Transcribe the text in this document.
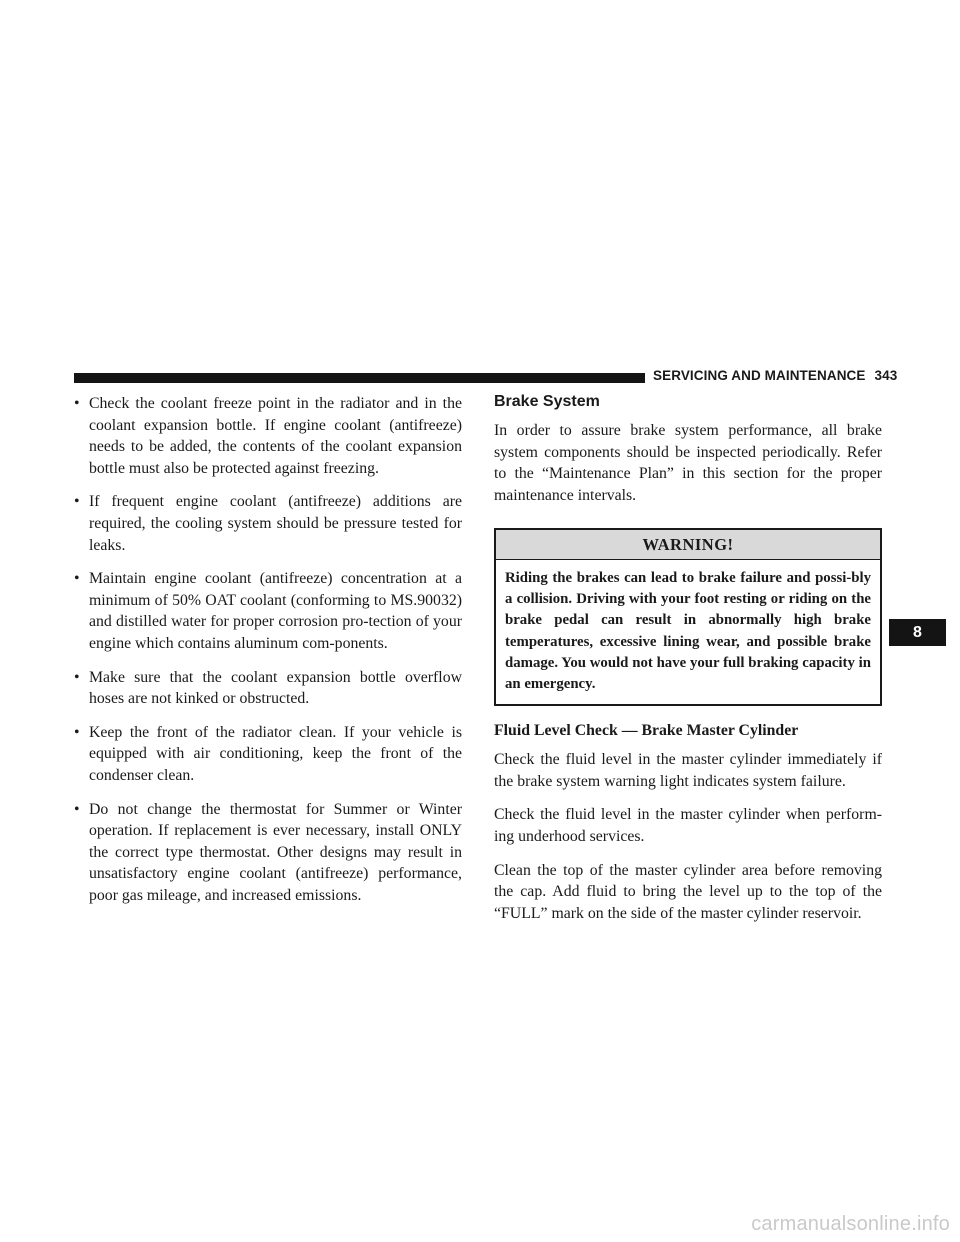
SERVICING AND MAINTENANCE 343
• Check the coolant freeze point in the radiator and in the coolant expansion bottle. If engine coolant (antifreeze) needs to be added, the contents of the coolant expansion bottle must also be protected against freezing.
• If frequent engine coolant (antifreeze) additions are required, the cooling system should be pressure tested for leaks.
• Maintain engine coolant (antifreeze) concentration at a minimum of 50% OAT coolant (conforming to MS.90032) and distilled water for proper corrosion pro-tection of your engine which contains aluminum com-ponents.
• Make sure that the coolant expansion bottle overflow hoses are not kinked or obstructed.
• Keep the front of the radiator clean. If your vehicle is equipped with air conditioning, keep the front of the condenser clean.
• Do not change the thermostat for Summer or Winter operation. If replacement is ever necessary, install ONLY the correct type thermostat. Other designs may result in unsatisfactory engine coolant (antifreeze) performance, poor gas mileage, and increased emissions.
Brake System
In order to assure brake system performance, all brake system components should be inspected periodically. Refer to the “Maintenance Plan” in this section for the proper maintenance intervals.
WARNING!
Riding the brakes can lead to brake failure and possi-bly a collision. Driving with your foot resting or riding on the brake pedal can result in abnormally high brake temperatures, excessive lining wear, and possible brake damage. You would not have your full braking capacity in an emergency.
Fluid Level Check — Brake Master Cylinder
Check the fluid level in the master cylinder immediately if the brake system warning light indicates system failure.
Check the fluid level in the master cylinder when perform-ing underhood services.
Clean the top of the master cylinder area before removing the cap. Add fluid to bring the level up to the top of the “FULL” mark on the side of the master cylinder reservoir.
8
carmanualsonline.info
